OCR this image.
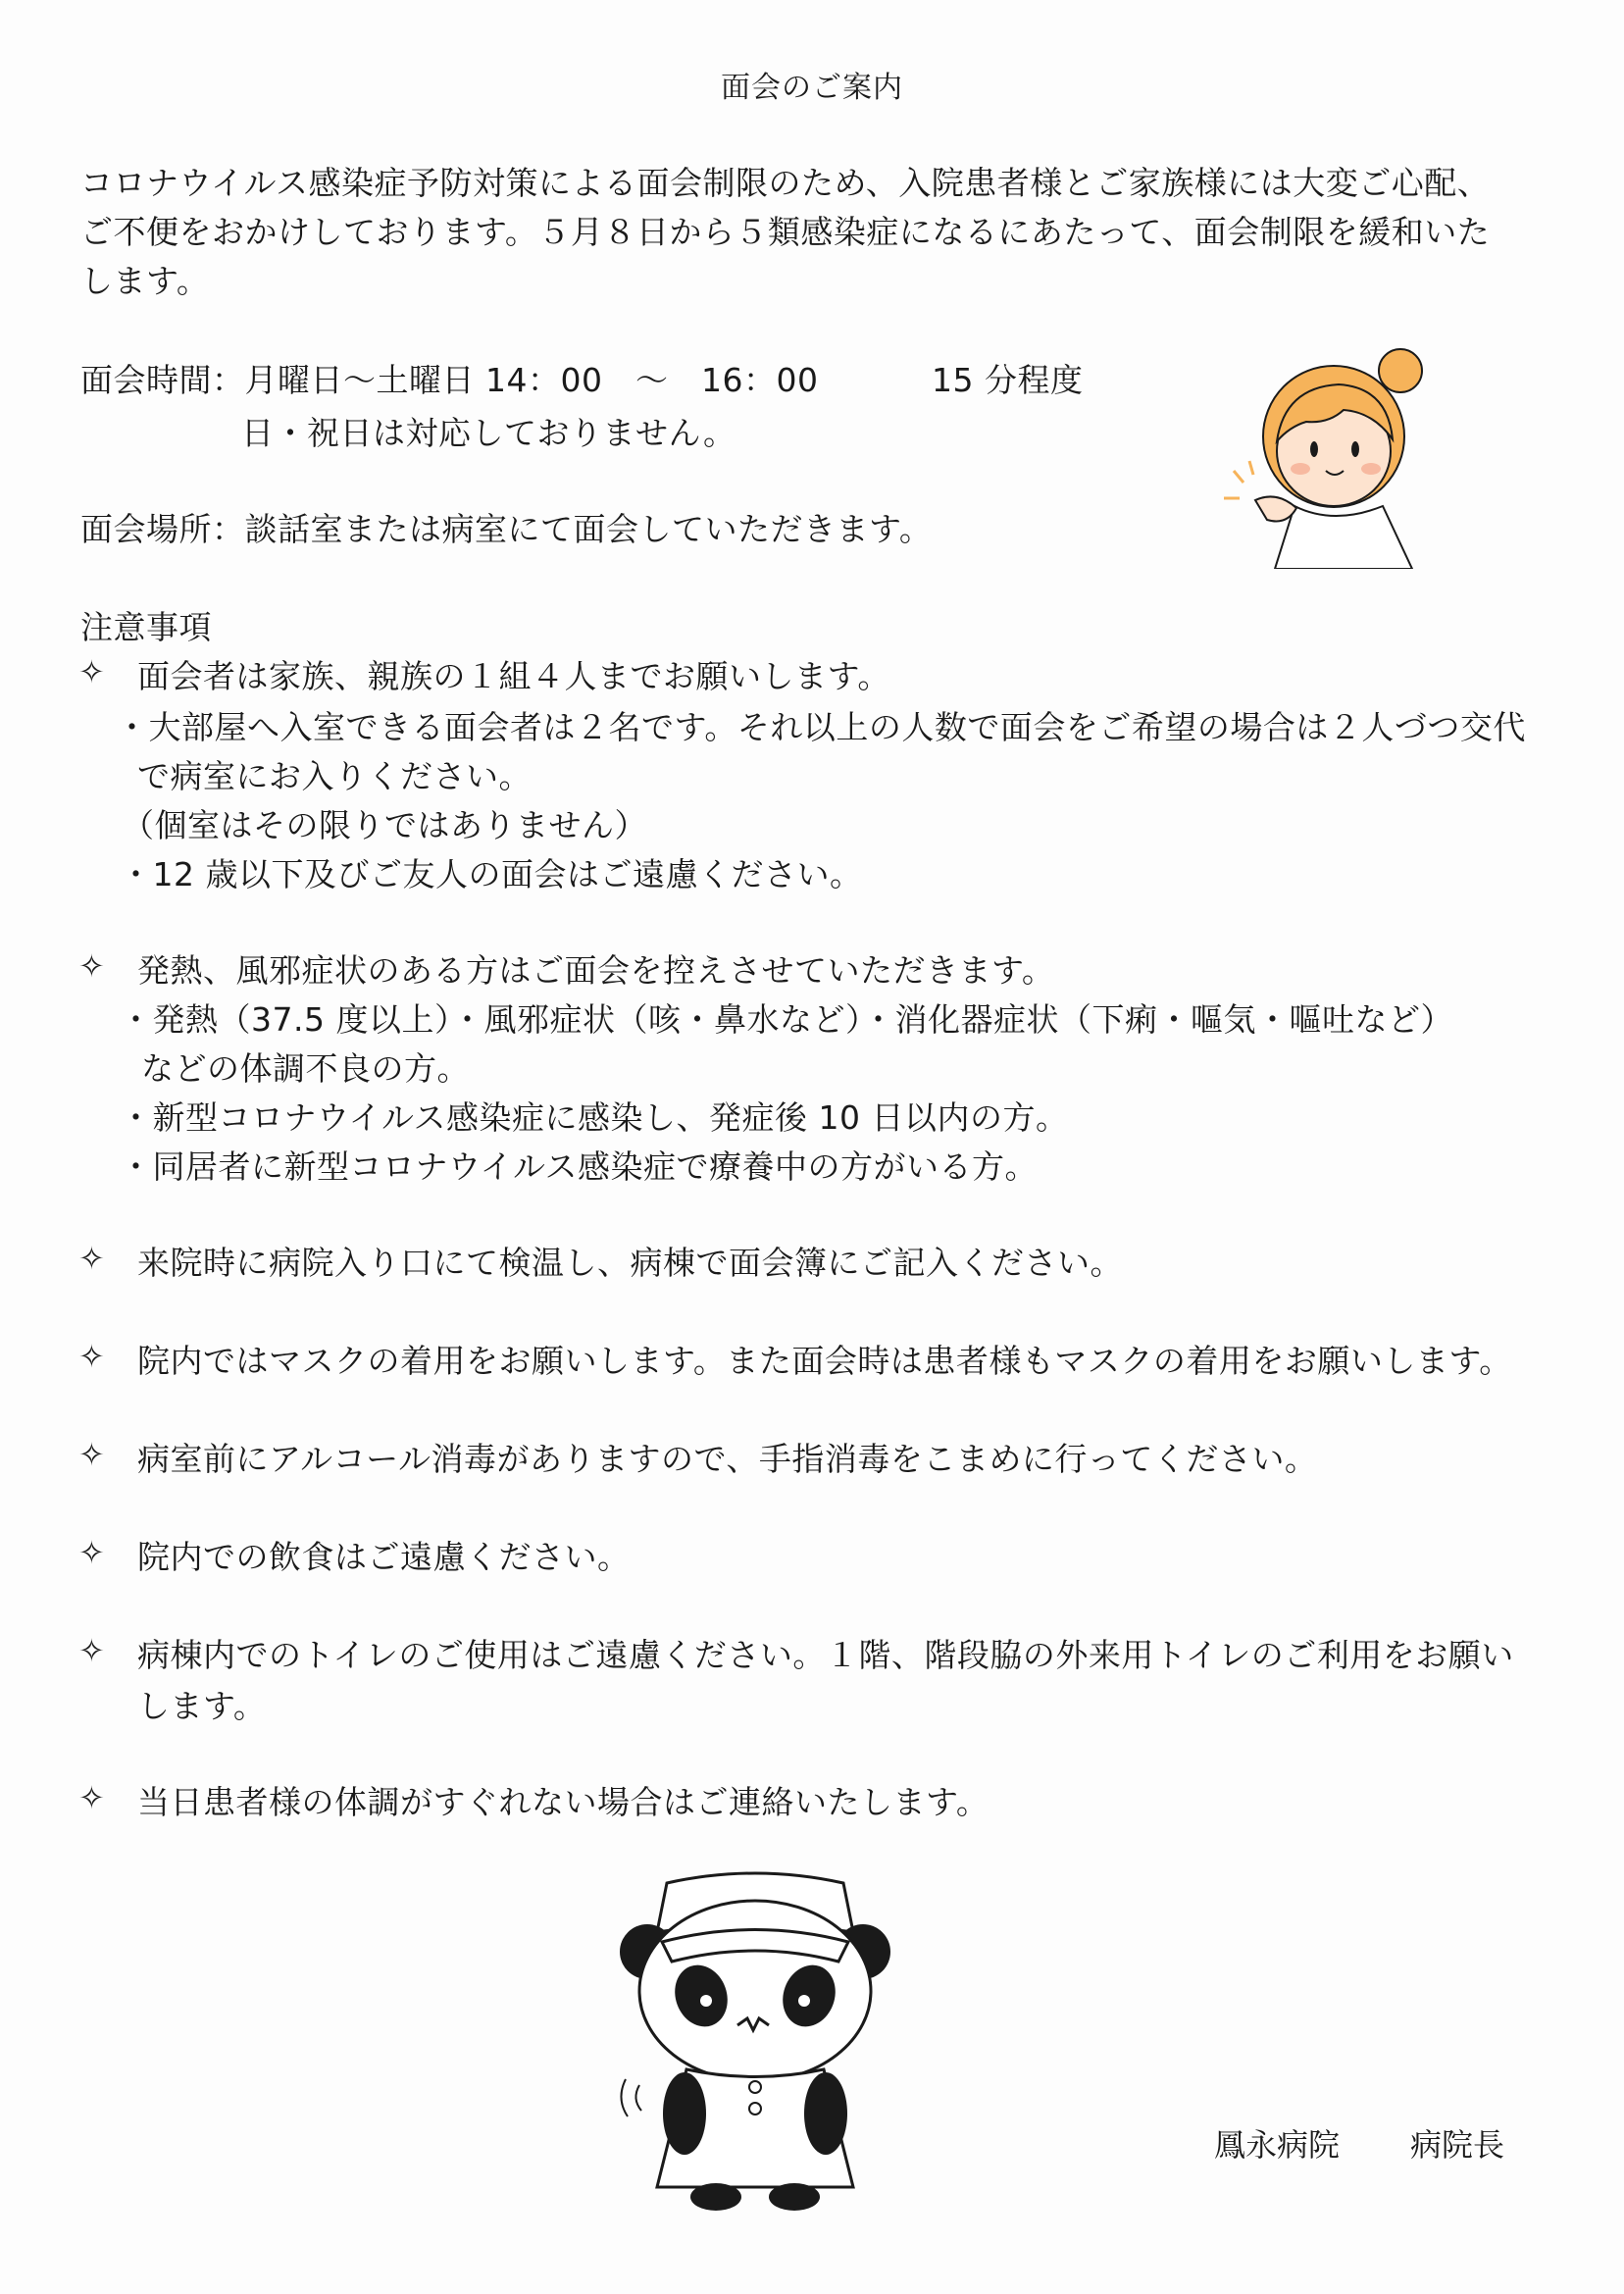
面会のご案内
コロナウイルス感染症予防対策による面会制限のため、入院患者様とご家族様には大変ご心配、ご不便をおかけしております。５月８日から５類感染症になるにあたって、面会制限を緩和いたします。
面会時間：月曜日～土曜日 14：00　～　16：00	15 分程度
日・祝日は対応しておりません。
面会場所：談話室または病室にて面会していただきます。
注意事項
✧ 面会者は家族、親族の１組４人までお願いします。
・大部屋へ入室できる面会者は２名です。それ以上の人数で面会をご希望の場合は２人づつ交代
で病室にお入りください。
（個室はその限りではありません）
・12 歳以下及びご友人の面会はご遠慮ください。
✧ 発熱、風邪症状のある方はご面会を控えさせていただきます。
・発熱（37.5 度以上）・風邪症状（咳・鼻水など）・消化器症状（下痢・嘔気・嘔吐など）
などの体調不良の方。
・新型コロナウイルス感染症に感染し、発症後 10 日以内の方。
・同居者に新型コロナウイルス感染症で療養中の方がいる方。
✧ 来院時に病院入り口にて検温し、病棟で面会簿にご記入ください。
✧ 院内ではマスクの着用をお願いします。また面会時は患者様もマスクの着用をお願いします。
✧ 病室前にアルコール消毒がありますので、手指消毒をこまめに行ってください。
✧ 院内での飲食はご遠慮ください。
✧ 病棟内でのトイレのご使用はご遠慮ください。１階、階段脇の外来用トイレのご利用をお願い
します。
✧ 当日患者様の体調がすぐれない場合はご連絡いたします。
鳳永病院 病院長
